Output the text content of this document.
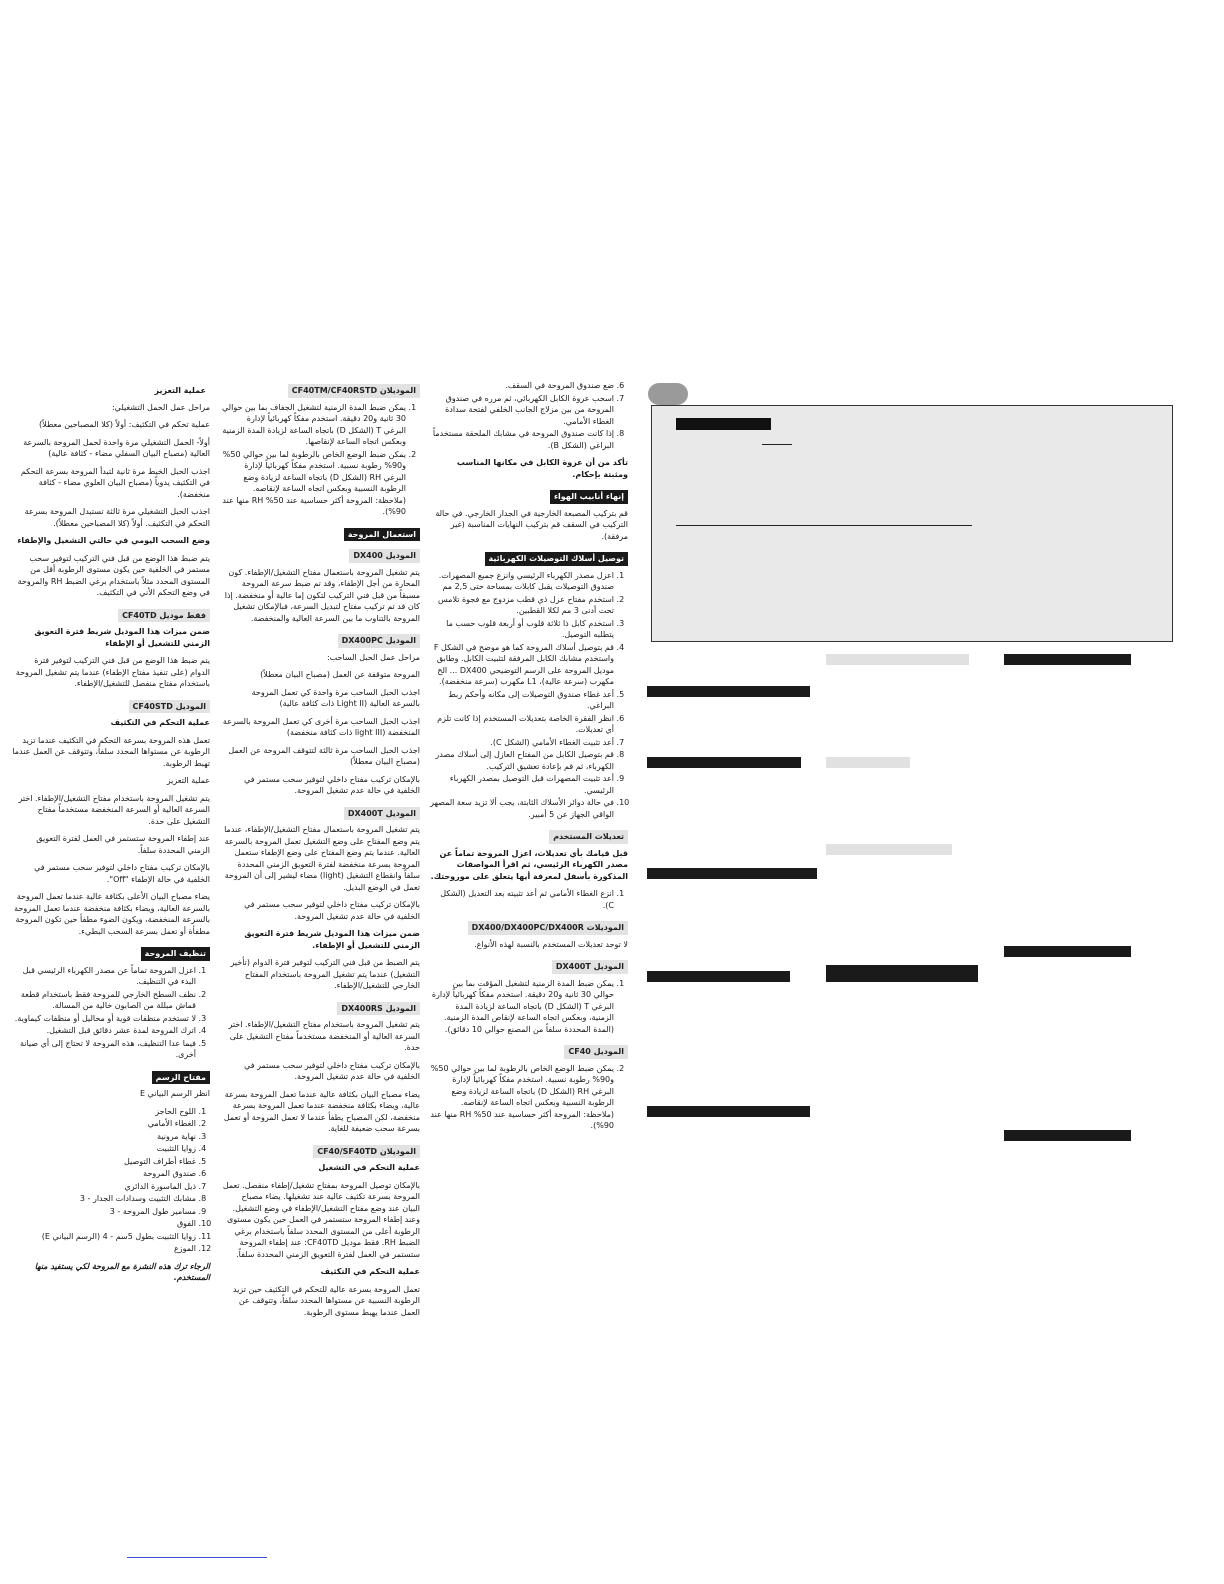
عملية التعزيز

مراحل عمل الحمل التشغيلي:

عملية تحكم في التكثيف: أولاً (كلا المصباحين معطلاً)

أولاً- الحمل التشغيلي مرة واحدة لحمل المروحة بالسرعة العالية (مصباح البيان السفلي مضاء - كثافة عالية)

اجذب الحبل الخيط مرة ثانية لتبدأ المروحة بسرعة التحكم في التكثيف يدوياً (مصباح البيان العلوي مضاء - كثافة منخفضة).

اجذب الحبل التشغيلي مرة ثالثة تستبدل المروحة بسرعة التحكم في التكثيف. أولاً (كلا المصباحين معطلاً).

وضع السحب اليومي في حالتي التشغيل والإطفاء

يتم ضبط هذا الوضع من قبل فني التركيب لتوفير سحب مستمر في الخلفية حين يكون مستوى الرطوبة أقل من المستوى المحدد مثلاً باستخدام برغي الضبط RH والمروحة في وضع التحكم الأني في التكثيف.

فقط موديل CF40TD

ضمن ميزات هذا الموديل شريط فترة التعويق الزمني للتشغيل أو الإطفاء

يتم ضبط هذا الوضع من قبل فني التركيب لتوفير فترة الدوام (على تنفيذ مفتاح الإطفاء) عندما يتم تشغيل المروحة باستخدام مفتاح منفصل للتشغيل/الإطفاء.

الموديل CF40STD

عملية التحكم في التكثيف

تعمل هذه المروحة بسرعة التحكم في التكثيف عندما تزيد الرطوبة عن مستواها المحدد سلفاً، وتتوقف عن العمل عندما تهبط الرطوبة.

عملية التعزيز

يتم تشغيل المروحة باستخدام مفتاح التشغيل/الإطفاء. اختر السرعة العالية أو السرعة المنخفضة مستخدماً مفتاح التشغيل على حدة.

عند إطفاء المروحة ستستمر في العمل لفترة التعويق الزمني المحددة سلفاً.

بالإمكان تركيب مفتاح داخلي لتوفير سحب مستمر في الخلفية في حالة الإطفاء "Off".

يضاء مصباح البيان الأعلى بكثافة عالية عندما تعمل المروحة بالسرعة العالية، ويضاء بكثافة منخفضة عندما تعمل المروحة بالسرعة المنخفضة، ويكون الضوء مطفأ حين تكون المروحة مطفأة أو تعمل بسرعة السحب البطيء.

تنظيف المروحة
1. اعزل المروحة تماماً عن مصدر الكهرباء الرئيسي قبل البدء في التنظيف.
2. نظف السطح الخارجي للمروحة فقط باستخدام قطعة قماش مبللة من الصابون خالية من المسالة.
3. لا تستخدم منظفات قوية أو محاليل أو منظفات كيماوية.
4. اترك المروحة لمدة عشر دقائق قبل التشغيل.
5. فيما عدا التنظيف، هذه المروحة لا تحتاج إلى أي صيانة أخرى.
مفتاح الرسم

انظر الرسم البياني E

1. اللوح الحاجز
2. الغطاء الأمامي
3. نهاية مرونية
4. زوايا التثبيت
5. غطاء أطراف التوصيل
6. صندوق المروحة
7. ذيل الماسورة الدائري
8. مشابك التثبيت وسدادات الجدار - 3
9. مسامير طول المروحة - 3
10. الفوق
11. زوايا التثبيت بطول 5سم - 4 (الرسم البياني E)
12. الموزع

الرجاء ترك هذه النشرة مع المروحة لكي يستفيد منها المستخدم.

الموديلان CF40TM/CF40RSTD
1. يمكن ضبط المدة الزمنية لتشغيل الجفاف بما بين حوالي 30 ثانية و20 دقيقة. استخدم مفكاً كهربائياً لإدارة البرغي T (الشكل D) باتجاه الساعة لزيادة المدة الزمنية وبعكس اتجاه الساعة لإنقاصها.
2. يمكن ضبط الوضع الخاص بالرطوبة لما بين حوالي 50% و90% رطوبة نسبية. استخدم مفكاً كهربائياً لإدارة البرغي RH (الشكل D) باتجاه الساعة لزيادة وضع الرطوبة النسبية وبعكس اتجاه الساعة لإنقاصه. (ملاحظة: المروحة أكثر حساسية عند 50% RH منها عند 90%).
استعمال المروحة
الموديل DX400

يتم تشغيل المروحة باستعمال مفتاح التشغيل/الإطفاء. كون المحارة من أجل الإطفاء، وقد تم ضبط سرعة المروحة مسبقاً من قبل فني التركيب لتكون إما عالية أو منخفضة. إذا كان قد تم تركيب مفتاح لتبديل السرعة، فبالإمكان تشغيل المروحة بالتناوب ما بين السرعة العالية والمنخفضة.

الموديل DX400PC

مراحل عمل الحبل الساحب:

المروحة متوقفة عن العمل (مصباح البيان معطلاً)

اجذب الحبل الساحب مرة واحدة كي تعمل المروحة بالسرعة العالية (Light II ذات كثافة عالية)

اجذب الحبل الساحب مرة أخرى كي تعمل المروحة بالسرعة المنخفضة (light III ذات كثافة منخفضة)

اجذب الحبل الساحب مرة ثالثة لتتوقف المروحة عن العمل (مصباح البيان معطلاً)

بالإمكان تركيب مفتاح داخلي لتوفير سحب مستمر في الخلفية في حالة عدم تشغيل المروحة.

الموديل DX400T

يتم تشغيل المروحة باستعمال مفتاح التشغيل/الإطفاء، عندما يتم وضع المفتاح على وضع التشغيل تعمل المروحة بالسرعة العالية. عندما يتم وضع المفتاح على وضع الإطفاء ستعمل المروحة بسرعة منخفضة لفترة التعويق الزمني المحددة سلفاً وانقطاع التشغيل (light) مضاء ليشير إلى أن المروحة تعمل في الوضع البديل.

بالإمكان تركيب مفتاح داخلي لتوفير سحب مستمر في الخلفية في حالة عدم تشغيل المروحة.

ضمن ميزات هذا الموديل شريط فترة التعويق الزمني للتشغيل أو الإطفاء.

يتم الضبط من قبل فني التركيب لتوفير فترة الدوام (تأخير التشغيل) عندما يتم تشغيل المروحة باستخدام المفتاح الخارجي للتشغيل/الإطفاء.

الموديل DX400RS

يتم تشغيل المروحة باستخدام مفتاح التشغيل/الإطفاء. اختر السرعة العالية أو المنخفضة مستخدماً مفتاح التشغيل على حدة.

بالإمكان تركيب مفتاح داخلي لتوفير سحب مستمر في الخلفية في حالة عدم تشغيل المروحة.

يضاء مصباح البيان بكثافة عالية عندما تعمل المروحة بسرعة عالية، ويضاء بكثافة منخفضة عندما تعمل المروحة بسرعة منخفضة، لكن المصباح يطفأ عندما لا تعمل المروحة أو تعمل بسرعة سحب ضعيفة للغاية.

الموديلان CF40/SF40TD

عملية التحكم في التشغيل

بالإمكان توصيل المروحة بمفتاح تشغيل/إطفاء منفصل. تعمل المروحة بسرعة تكثيف عالية عند تشغيلها. يضاء مصباح البيان عند وضع مفتاح التشغيل/الإطفاء في وضع التشغيل. وعند إطفاء المروحة ستستمر في العمل حين يكون مستوى الرطوبة أعلى من المستوى المحدد سلفاً باستخدام برغي الضبط RH. فقط موديل CF40TD: عند إطفاء المروحة ستستمر في العمل لفترة التعويق الزمني المحددة سلفاً.

عملية التحكم في التكثيف

تعمل المروحة بسرعة عالية للتحكم في التكثيف حين تزيد الرطوبة النسبية عن مستواها المحدد سلفاً، وتتوقف عن العمل عندما يهبط مستوى الرطوبة.

6. ضع صندوق المروحة في السقف.
7. اسحب عروة الكابل الكهربائي، ثم مرره في صندوق المروحة من بين مزلاج الجانب الخلفي لفتحة سدادة الغطاء الأمامي.
8. إذا كانت صندوق المروحة في مشابك الملحقة مستخدماً البراغي (الشكل B).

تأكد من أن عروة الكابل في مكانها المناسب ومثبتة بإحكام.

إنهاء أنابيب الهواء

قم بتركيب المصبعة الخارجية في الجدار الخارجي. في حالة التركيب في السقف قم بتركيب النهايات المناسبة (غير مرفقة).

توصيل أسلاك التوصيلات الكهربائية
1. اعزل مصدر الكهرباء الرئيسي وانزع جميع المصهرات. صندوق التوصيلات يقبل كابلات بمساحة حتى 2,5 مم
2. استخدم مفتاح عزل ذي قطب مزدوج مع فجوة تلامس تحت أدنى 3 مم لكلا القطبين.
3. استخدم كابل ذا ثلاثة قلوب أو أربعة قلوب حسب ما يتطلبه التوصيل.
4. قم بتوصيل أسلاك المروحة كما هو موضح في الشكل F واستخدم مشابك الكابل المرفقة لتثبيت الكابل. وطابق موديل المروحة على الرسم التوضيحي DX400 ... الخ مكهرب (سرعة عالية)، L1 مكهرب (سرعة منخفضة).
5. أعد غطاء صندوق التوصيلات إلى مكانه وأحكم ربط البراغي.
6. انظر الفقرة الخاصة بتعديلات المستخدم إذا كانت تلزم أي تعديلات.
7. أعد تثبيت الغطاء الأمامي (الشكل C).
8. قم بتوصيل الكابل من المفتاح العازل إلى أسلاك مصدر الكهرباء، ثم قم بإعادة تعشيق التركيب.
9. أعد تثبيت المصهرات قبل التوصيل بمصدر الكهرباء الرئيسي.
10. في حالة دوائر الأسلاك الثابتة، يجب ألا تزيد سعة المصهر الواقي الجهاز عن 5 أمبير.
تعديلات المستخدم

قبل قيامك بأي تعديلات، اعزل المروحة تماماً عن مصدر الكهرباء الرئيسي، ثم اقرأ المواصفات المذكورة بأسفل لمعرفة أيها يتعلق على موروحتك.

1. انزع الغطاء الأمامي ثم أعد تثبيته بعد التعديل (الشكل C).
الموديلات DX400/DX400PC/DX400R

لا توجد تعديلات المستخدم بالنسبة لهذه الأنواع.

الموديل DX400T
1. يمكن ضبط المدة الزمنية لتشغيل المؤقت بما بين حوالي 30 ثانية و20 دقيقة. استخدم مفكاً كهربائياً لإدارة البرغي T (الشكل D) باتجاه الساعة لزيادة المدة الزمنية، وبعكس اتجاه الساعة لإنقاص المدة الزمنية. (المدة المحددة سلفاً من المصنع حوالي 10 دقائق).
الموديل CF40
2. يمكن ضبط الوضع الخاص بالرطوبة لما بين حوالي 50% و90% رطوبة نسبية. استخدم مفكاً كهربائياً لإدارة البرغي RH (الشكل D) باتجاه الساعة لزيادة وضع الرطوبة النسبية وبعكس اتجاه الساعة لإنقاصه. (ملاحظة: المروحة أكثر حساسية عند 50% RH منها عند 90%).
